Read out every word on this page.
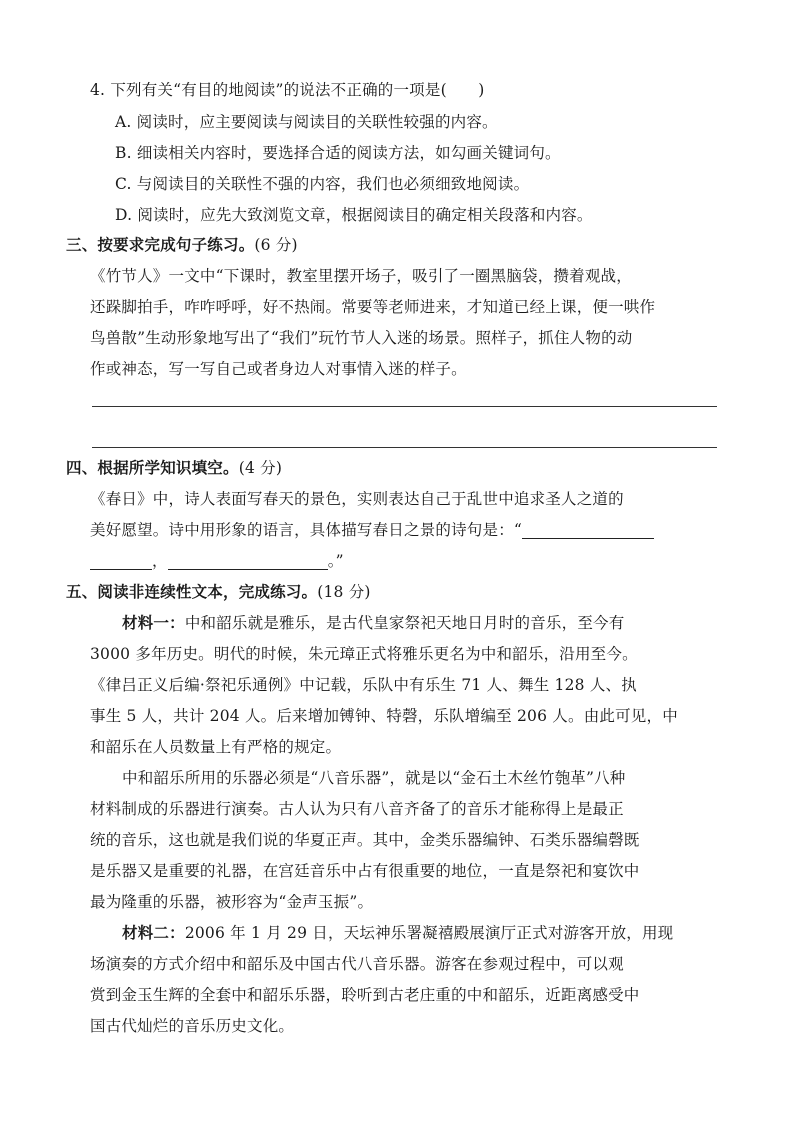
4. 下列有关“有目的地阅读”的说法不正确的一项是(　　)
A. 阅读时，应主要阅读与阅读目的关联性较强的内容。
B. 细读相关内容时，要选择合适的阅读方法，如勾画关键词句。
C. 与阅读目的关联性不强的内容，我们也必须细致地阅读。
D. 阅读时，应先大致浏览文章，根据阅读目的确定相关段落和内容。
三、按要求完成句子练习。(6 分)
《竹节人》一文中“下课时，教室里摆开场子，吸引了一圈黑脑袋，攒着观战，
还跺脚拍手，咋咋呼呼，好不热闹。常要等老师进来，才知道已经上课，便一哄作
鸟兽散”生动形象地写出了“我们”玩竹节人入迷的场景。照样子，抓住人物的动
作或神态，写一写自己或者身边人对事情入迷的样子。
四、根据所学知识填空。(4 分)
《春日》中，诗人表面写春天的景色，实则表达自己于乱世中追求圣人之道的
美好愿望。诗中用形象的语言，具体描写春日之景的诗句是：“
，	。”
五、阅读非连续性文本，完成练习。(18 分)
材料一：中和韶乐就是雅乐，是古代皇家祭祀天地日月时的音乐，至今有
3000 多年历史。明代的时候，朱元璋正式将雅乐更名为中和韶乐，沿用至今。
《律吕正义后编·祭祀乐通例》中记载，乐队中有乐生 71 人、舞生 128 人、执
事生 5 人，共计 204 人。后来增加镈钟、特磬，乐队增编至 206 人。由此可见，中
和韶乐在人员数量上有严格的规定。
中和韶乐所用的乐器必须是“八音乐器”，就是以“金石土木丝竹匏革”八种
材料制成的乐器进行演奏。古人认为只有八音齐备了的音乐才能称得上是最正
统的音乐，这也就是我们说的华夏正声。其中，金类乐器编钟、石类乐器编磬既
是乐器又是重要的礼器，在宫廷音乐中占有很重要的地位，一直是祭祀和宴饮中
最为隆重的乐器，被形容为“金声玉振”。
材料二：2006 年 1 月 29 日，天坛神乐署凝禧殿展演厅正式对游客开放，用现
场演奏的方式介绍中和韶乐及中国古代八音乐器。游客在参观过程中，可以观
赏到金玉生辉的全套中和韶乐乐器，聆听到古老庄重的中和韶乐，近距离感受中
国古代灿烂的音乐历史文化。
